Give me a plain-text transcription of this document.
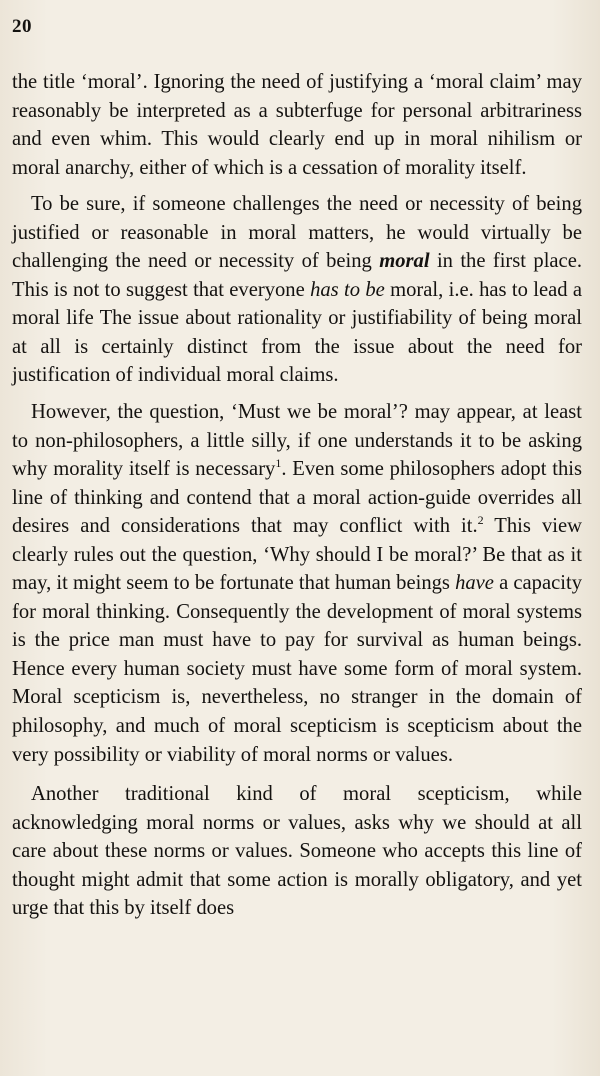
20

the title ‘moral’. Ignoring the need of justifying a ‘moral claim’ may reasonably be interpreted as a subterfuge for personal arbitrariness and even whim. This would clearly end up in moral nihilism or moral anarchy, either of which is a cessation of morality itself.

To be sure, if someone challenges the need or necessity of being justified or reasonable in moral matters, he would virtually be challenging the need or necessity of being moral in the first place. This is not to suggest that everyone has to be moral, i.e. has to lead a moral life The issue about rationality or justifiability of being moral at all is certainly distinct from the issue about the need for justification of individual moral claims.

However, the question, ‘Must we be moral’? may appear, at least to non-philosophers, a little silly, if one understands it to be asking why morality itself is necessary$^1$. Even some philosophers adopt this line of thinking and contend that a moral action-guide overrides all desires and considerations that may conflict with it.$^2$ This view clearly rules out the question, ‘Why should I be moral?’ Be that as it may, it might seem to be fortunate that human beings have a capacity for moral thinking. Consequently the development of moral systems is the price man must have to pay for survival as human beings. Hence every human society must have some form of moral system. Moral scepticism is, nevertheless, no stranger in the domain of philosophy, and much of moral scepticism is scepticism about the very possibility or viability of moral norms or values.

Another traditional kind of moral scepticism, while acknowledging moral norms or values, asks why we should at all care about these norms or values. Someone who accepts this line of thought might admit that some action is morally obligatory, and yet urge that this by itself does
